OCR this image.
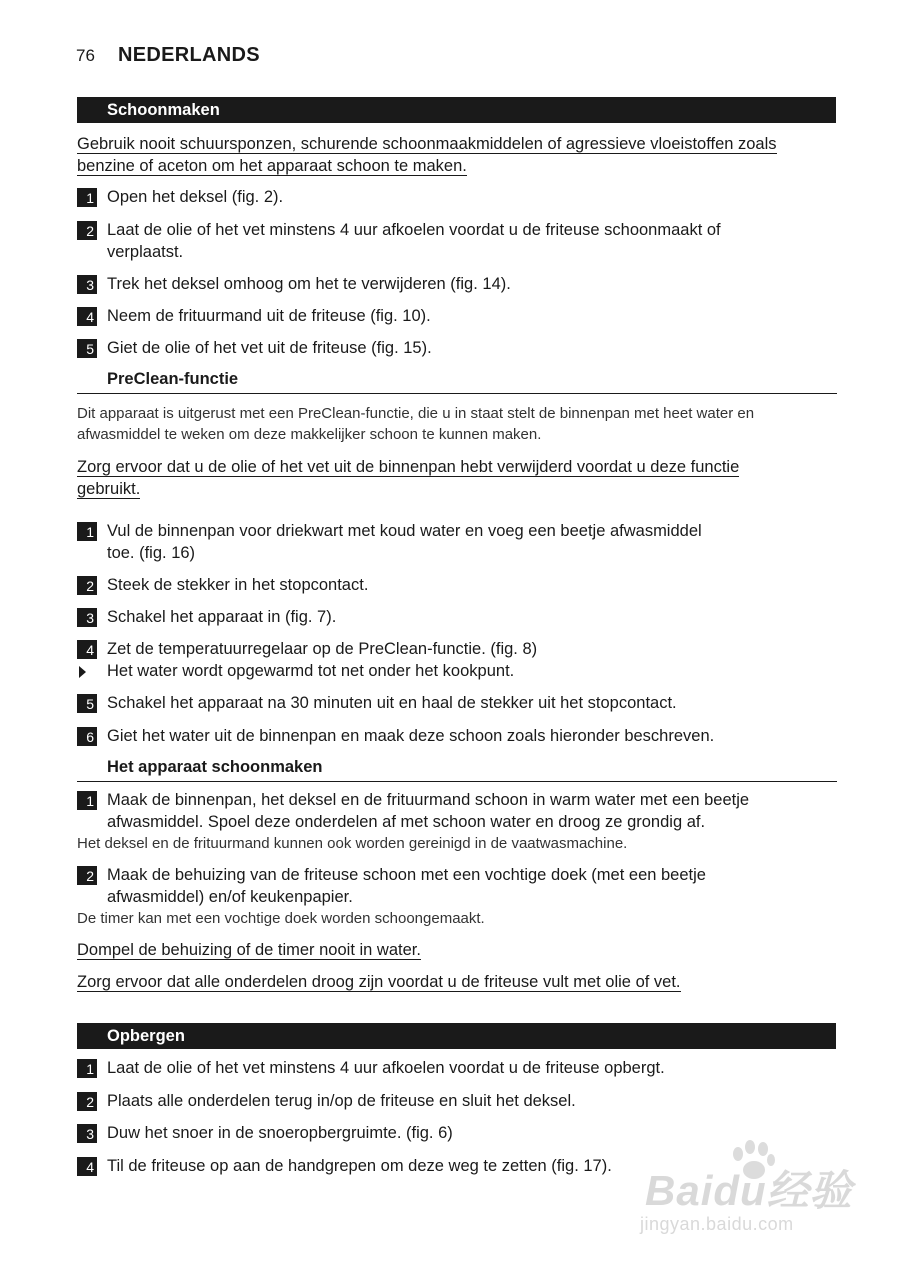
76 NEDERLANDS
Schoonmaken
Gebruik nooit schuursponzen, schurende schoonmaakmiddelen of agressieve vloeistoffen zoals
benzine of aceton om het apparaat schoon te maken.
1 Open het deksel (fig. 2).
2 Laat de olie of het vet minstens 4 uur afkoelen voordat u de friteuse schoonmaakt of
verplaatst.
3 Trek het deksel omhoog om het te verwijderen (fig. 14).
4 Neem de frituurmand uit de friteuse (fig. 10).
5 Giet de olie of het vet uit de friteuse (fig. 15).
PreClean-functie
Dit apparaat is uitgerust met een PreClean-functie, die u in staat stelt de binnenpan met heet water en afwasmiddel te weken om deze makkelijker schoon te kunnen maken.
Zorg ervoor dat u de olie of het vet uit de binnenpan hebt verwijderd voordat u deze functie
gebruikt.
1 Vul de binnenpan voor driekwart met koud water en voeg een beetje afwasmiddel
toe. (fig. 16)
2 Steek de stekker in het stopcontact.
3 Schakel het apparaat in (fig. 7).
4 Zet de temperatuurregelaar op de PreClean-functie. (fig. 8)
Het water wordt opgewarmd tot net onder het kookpunt.
5 Schakel het apparaat na 30 minuten uit en haal de stekker uit het stopcontact.
6 Giet het water uit de binnenpan en maak deze schoon zoals hieronder beschreven.
Het apparaat schoonmaken
1 Maak de binnenpan, het deksel en de frituurmand schoon in warm water met een beetje
afwasmiddel. Spoel deze onderdelen af met schoon water en droog ze grondig af.
Het deksel en de frituurmand kunnen ook worden gereinigd in de vaatwasmachine.
2 Maak de behuizing van de friteuse schoon met een vochtige doek (met een beetje
afwasmiddel) en/of keukenpapier.
De timer kan met een vochtige doek worden schoongemaakt.
Dompel de behuizing of de timer nooit in water.
Zorg ervoor dat alle onderdelen droog zijn voordat u de friteuse vult met olie of vet.
Opbergen
1 Laat de olie of het vet minstens 4 uur afkoelen voordat u de friteuse opbergt.
2 Plaats alle onderdelen terug in/op de friteuse en sluit het deksel.
3 Duw het snoer in de snoeropbergruimte. (fig. 6)
4 Til de friteuse op aan de handgrepen om deze weg te zetten (fig. 17).
Baidu经验
jingyan.baidu.com
